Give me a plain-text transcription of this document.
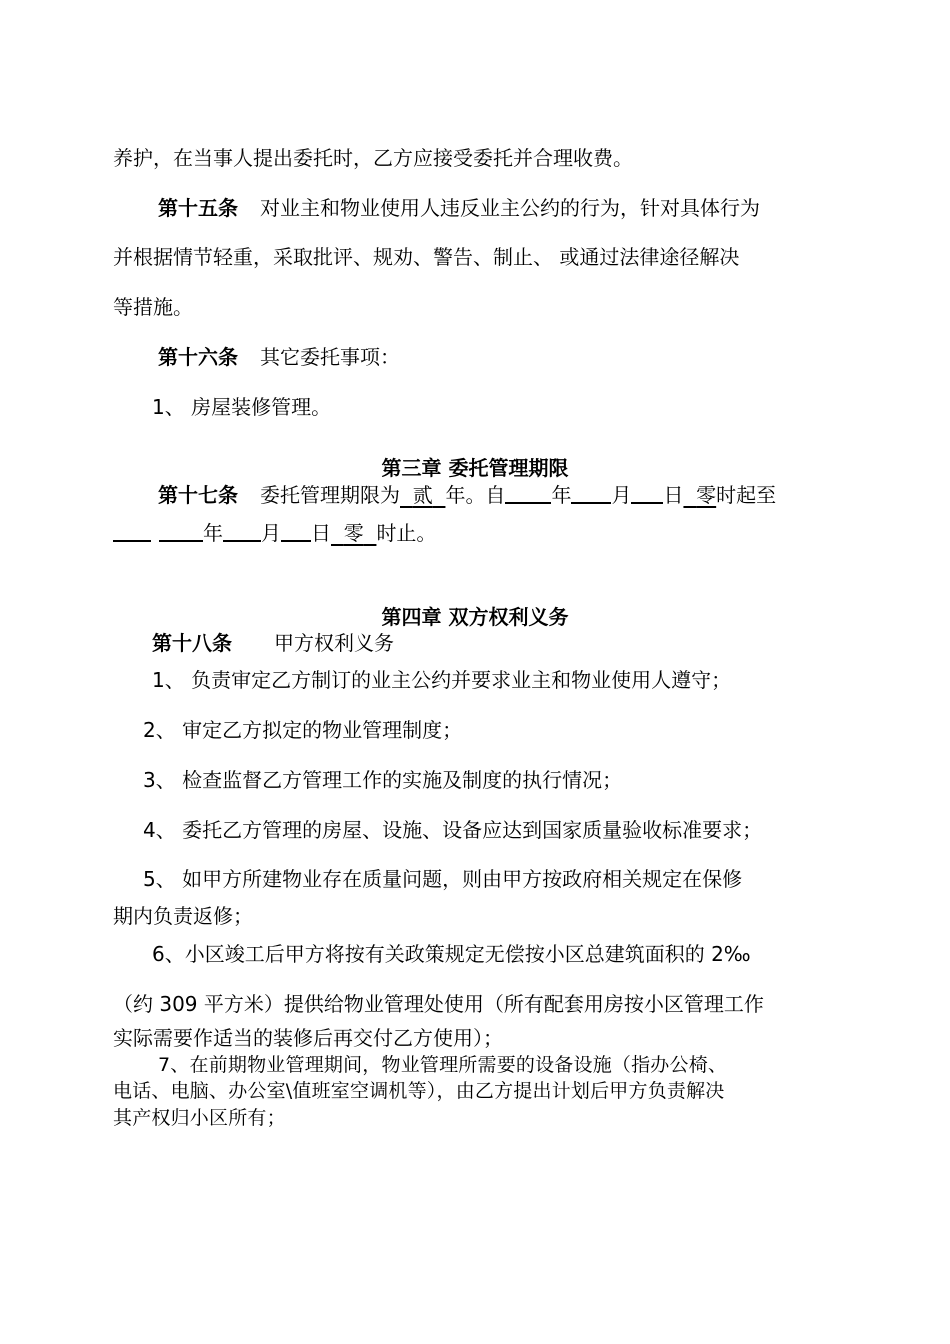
养护，在当事人提出委托时，乙方应接受委托并合理收费。

第十五条 对业主和物业使用人违反业主公约的行为，针对具体行为

并根据情节轻重，采取批评、规劝、警告、制止、 或通过法律途径解决

等措施。

第十六条 其它委托事项：

1、 房屋装修管理。

第三章 委托管理期限

第十七条 委托管理期限为 贰 年。自 年 月 日 零时起至

年 月 日 零 时止。

第四章 双方权利义务

第十八条 甲方权利义务

1、 负责审定乙方制订的业主公约并要求业主和物业使用人遵守；

2、 审定乙方拟定的物业管理制度；

3、 检查监督乙方管理工作的实施及制度的执行情况；

4、 委托乙方管理的房屋、设施、设备应达到国家质量验收标准要求；

5、 如甲方所建物业存在质量问题，则由甲方按政府相关规定在保修

期内负责返修；

6、小区竣工后甲方将按有关政策规定无偿按小区总建筑面积的 2‰

（约 309 平方米）提供给物业管理处使用（所有配套用房按小区管理工作

实际需要作适当的装修后再交付乙方使用）；

7、在前期物业管理期间，物业管理所需要的设备设施（指办公椅、

电话、电脑、办公室\值班室空调机等），由乙方提出计划后甲方负责解决

其产权归小区所有；
